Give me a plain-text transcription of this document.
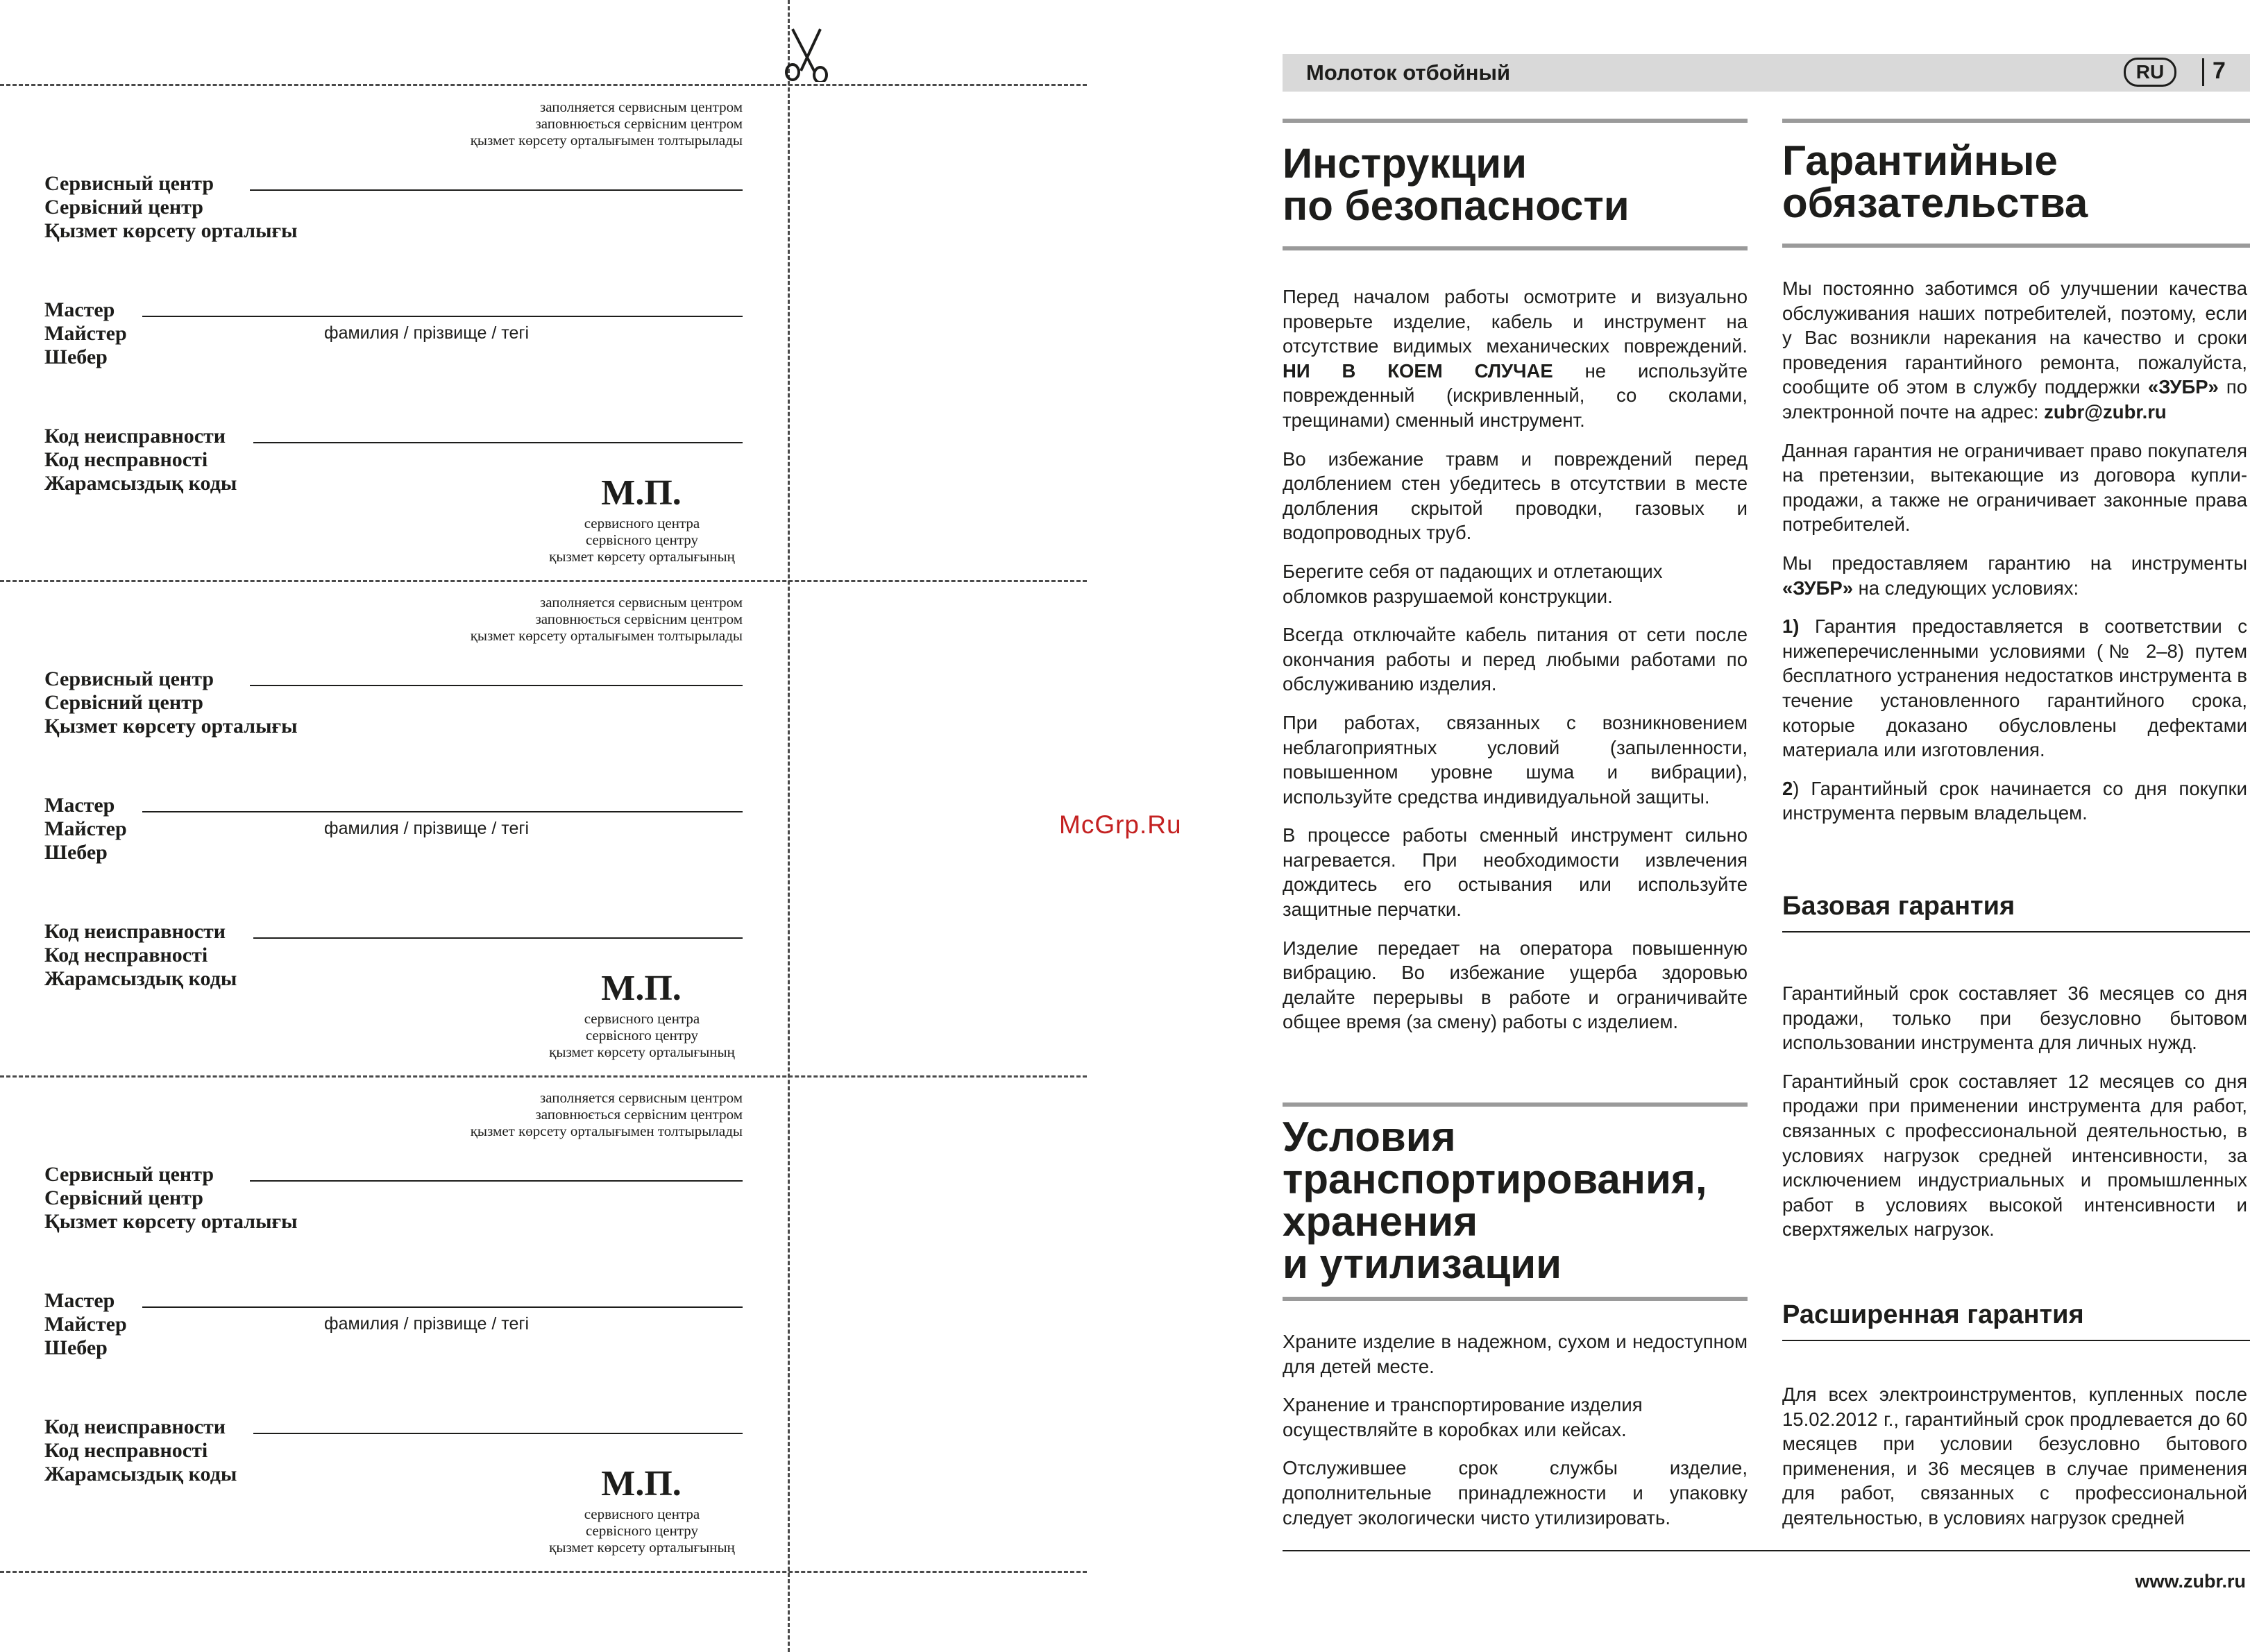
заполняется сервисным центром
заповнюється сервісним центром
қызмет көрсету орталығымен толтырылады
Сервисный центр
Сервісний центр
Қызмет көрсету орталығы
Мастер
Майстер
Шебер
фамилия / прізвище / тегі
Код неисправности
Код несправності
Жарамсыздық коды	М.П.
сервисного центра
сервісного центру
қызмет көрсету орталығының
заполняется сервисным центром
заповнюється сервісним центром
қызмет көрсету орталығымен толтырылады
Сервисный центр
Сервісний центр
Қызмет көрсету орталығы
Мастер
Майстер
Шебер
фамилия / прізвище / тегі
Код неисправности
Код несправності
Жарамсыздық коды	М.П.
сервисного центра
сервісного центру
қызмет көрсету орталығының
заполняется сервисным центром
заповнюється сервісним центром
қызмет көрсету орталығымен толтырылады
Сервисный центр
Сервісний центр
Қызмет көрсету орталығы
Мастер
Майстер
Шебер
фамилия / прізвище / тегі
Код неисправности
Код несправності
Жарамсыздық коды	М.П.
сервисного центра
сервісного центру
қызмет көрсету орталығының
McGrp.Ru
Молоток отбойный	RU	7
Инструкции
по безопасности

Перед началом работы осмотрите и визуально проверьте изделие, кабель и инструмент на отсутствие видимых механических повреждений. НИ В КОЕМ СЛУЧАЕ не используйте поврежденный (искривленный, со сколами, трещинами) сменный инструмент.

Во избежание травм и повреждений перед долблением стен убедитесь в отсутствии в месте долбления скрытой проводки, газовых и водопроводных труб.

Берегите себя от падающих и отлетающих обломков разрушаемой конструкции.

Всегда отключайте кабель питания от сети после окончания работы и перед любыми работами по обслуживанию изделия.

При работах, связанных с возникновением неблагоприятных условий (запыленности, повышенном уровне шума и вибрации), используйте средства индивидуальной защиты.

В процессе работы сменный инструмент сильно нагревается. При необходимости извлечения дождитесь его остывания или используйте защитные перчатки.

Изделие передает на оператора повышенную вибрацию. Во избежание ущерба здоровью делайте перерывы в работе и ограничивайте общее время (за смену) работы с изделием.

Условия
транспортирования,
хранения
и утилизации

Храните изделие в надежном, сухом и недоступном для детей месте.

Хранение и транспортирование изделия осуществляйте в коробках или кейсах.

Отслужившее срок службы изделие, дополнительные принадлежности и упаковку следует экологически чисто утилизировать.

Гарантийные
обязательства

Мы постоянно заботимся об улучшении качества обслуживания наших потребителей, поэтому, если у Вас возникли нарекания на качество и сроки проведения гарантийного ремонта, пожалуйста, сообщите об этом в службу поддержки «ЗУБР» по электронной почте на адрес: zubr@zubr.ru

Данная гарантия не ограничивает право покупателя на претензии, вытекающие из договора купли-продажи, а также не ограничивает законные права потребителей.

Мы предоставляем гарантию на инструменты «ЗУБР» на следующих условиях:

1) Гарантия предоставляется в соответствии с нижеперечисленными условиями (№ 2–8) путем бесплатного устранения недостатков инструмента в течение установленного гарантийного срока, которые доказано обусловлены дефектами материала или изготовления.

2) Гарантийный срок начинается со дня покупки инструмента первым владельцем.

Базовая гарантия

Гарантийный срок составляет 36 месяцев со дня продажи, только при безусловно бытовом использовании инструмента для личных нужд.

Гарантийный срок составляет 12 месяцев со дня продажи при применении инструмента для работ, связанных с профессиональной деятельностью, в условиях нагрузок средней интенсивности, за исключением индустриальных и промышленных работ в условиях высокой интенсивности и сверхтяжелых нагрузок.

Расширенная гарантия

Для всех электроинструментов, купленных после 15.02.2012 г., гарантийный срок продлевается до 60 месяцев при условии безусловно бытового применения, и 36 месяцев в случае применения для работ, связанных с профессиональной деятельностью, в условиях нагрузок средней

www.zubr.ru
